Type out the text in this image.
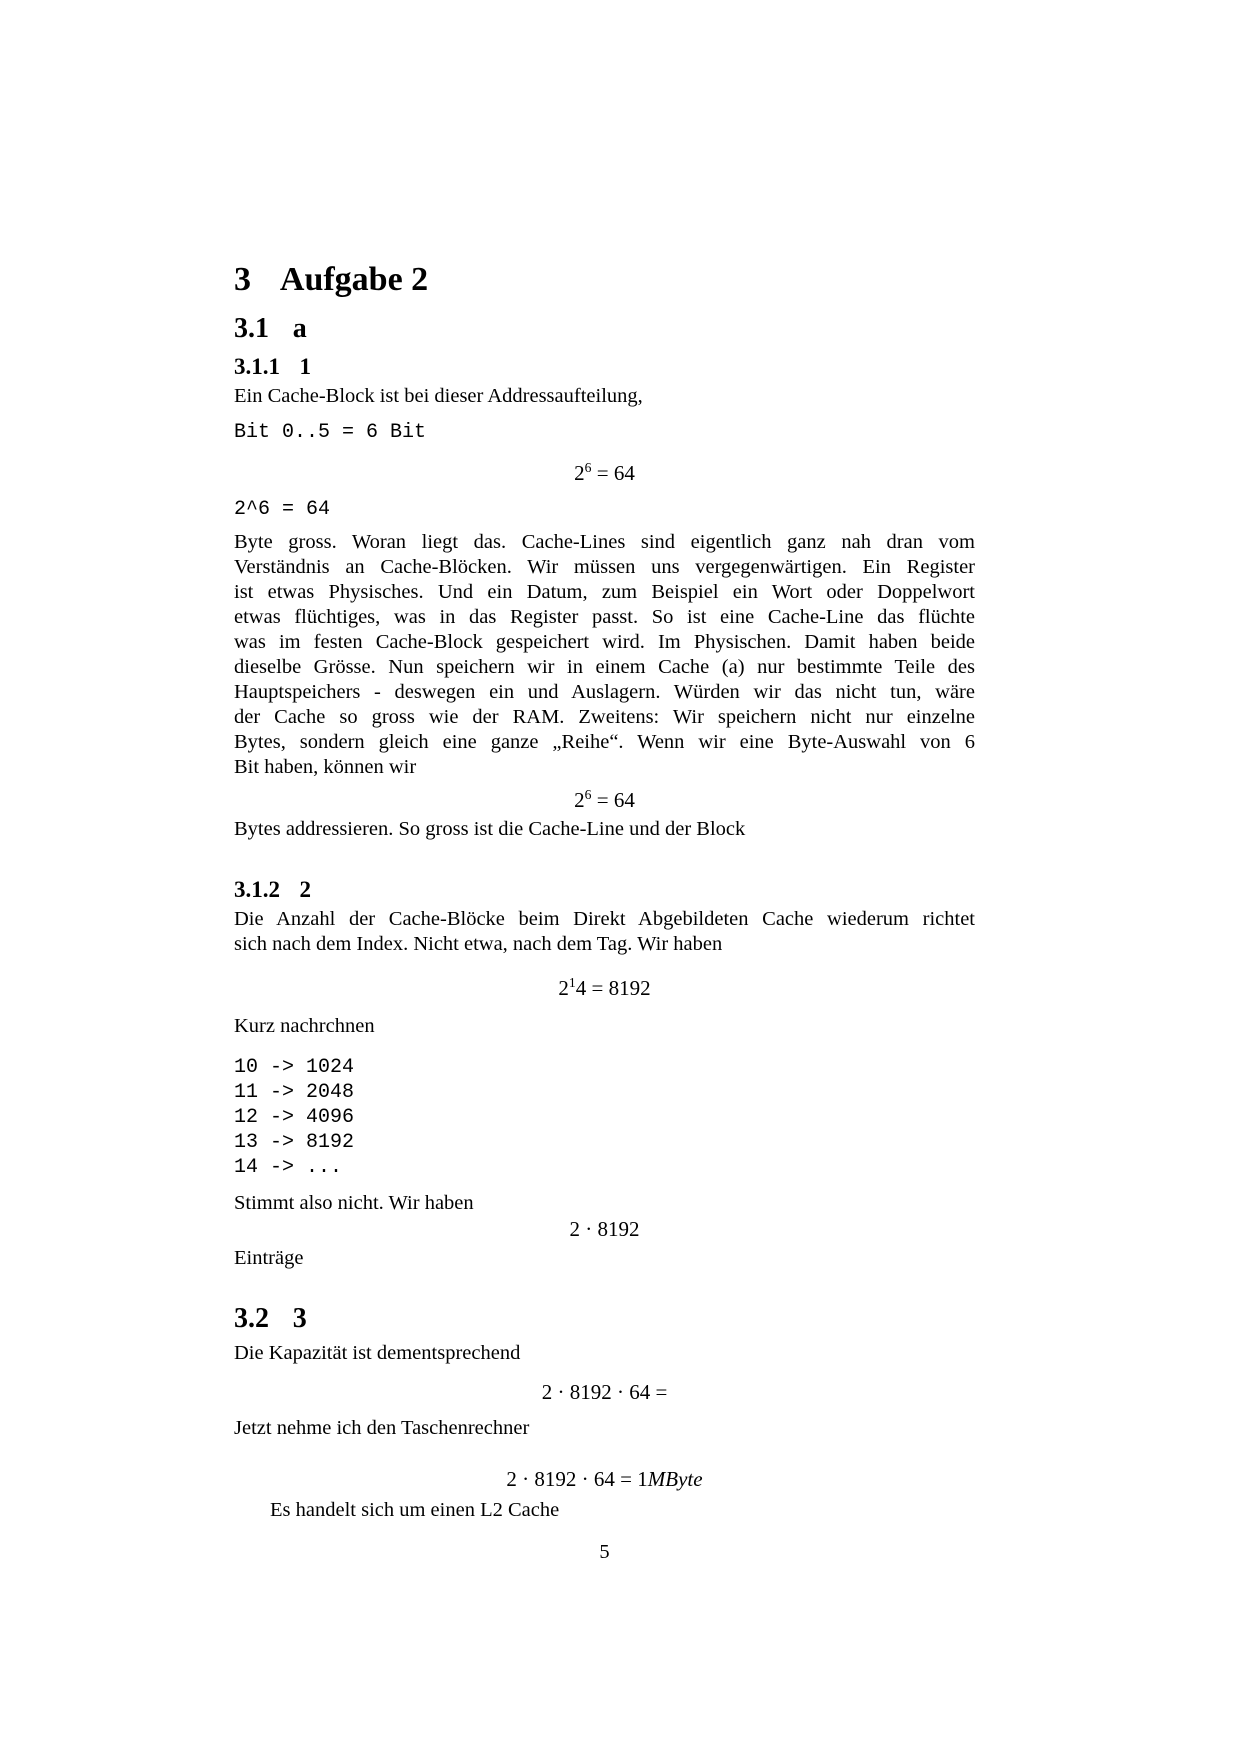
3 Aufgabe 2
3.1 a
3.1.1 1

Ein Cache-Block ist bei dieser Addressaufteilung,

Bit 0..5 = 6 Bit

$2^6 = 64$

2^6 = 64

Byte gross. Woran liegt das. Cache-Lines sind eigentlich ganz nah dran vom
Verständnis an Cache-Blöcken. Wir müssen uns vergegenwärtigen. Ein Register
ist etwas Physisches. Und ein Datum, zum Beispiel ein Wort oder Doppelwort
etwas flüchtiges, was in das Register passt. So ist eine Cache-Line das flüchte
was im festen Cache-Block gespeichert wird. Im Physischen. Damit haben beide
dieselbe Grösse. Nun speichern wir in einem Cache (a) nur bestimmte Teile des
Hauptspeichers - deswegen ein und Auslagern. Würden wir das nicht tun, wäre
der Cache so gross wie der RAM. Zweitens: Wir speichern nicht nur einzelne
Bytes, sondern gleich eine ganze „Reihe“. Wenn wir eine Byte-Auswahl von 6
Bit haben, können wir
$2^6 = 64$

Bytes addressieren. So gross ist die Cache-Line und der Block

3.1.2 2
Die Anzahl der Cache-Blöcke beim Direkt Abgebildeten Cache wiederum richtet
sich nach dem Index. Nicht etwa, nach dem Tag. Wir haben
$2^14 = 8192$

Kurz nachrchnen

10 -> 1024
11 -> 2048
12 -> 4096
13 -> 8192
14 -> ...

Stimmt also nicht. Wir haben

2 · 8192

Einträge

3.2 3

Die Kapazität ist dementsprechend

2 · 8192 · 64 =

Jetzt nehme ich den Taschenrechner

2 · 8192 · 64 = 1MByte

Es handelt sich um einen L2 Cache

5
